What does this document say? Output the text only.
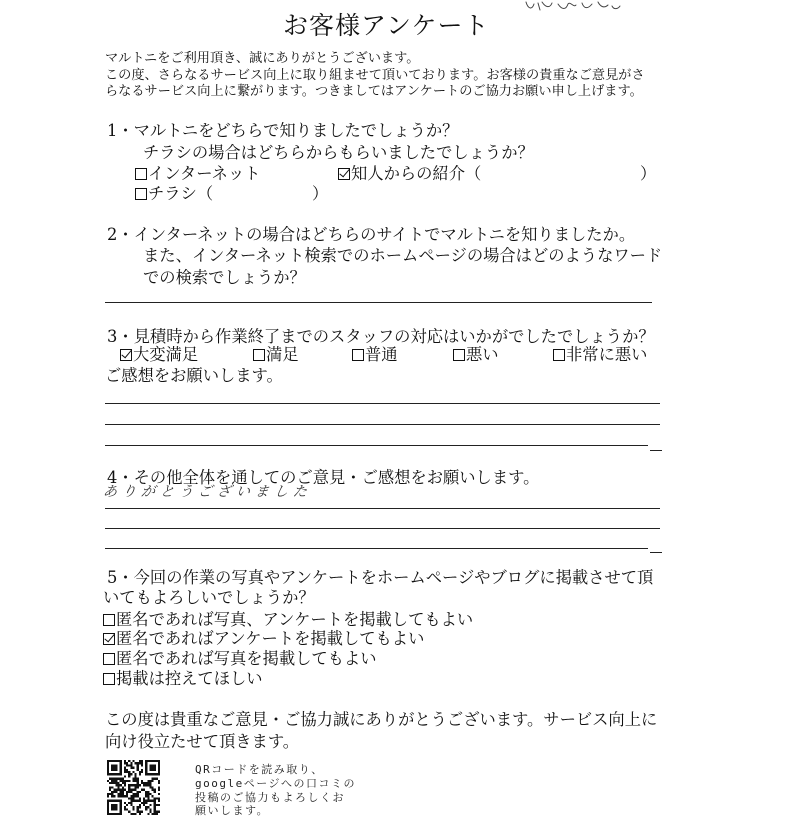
お客様アンケート
マルトニをご利用頂き、誠にありがとうございます。
この度、さらなるサービス向上に取り組ませて頂いております。お客様の貴重なご意見がさ
らなるサービス向上に繋がります。つきましてはアンケートのご協力お願い申し上げます。
1・マルトニをどちらで知りましたでしょうか？
チラシの場合はどちらからもらいましたでしょうか？
インターネット	知人からの紹介（	）
チラシ（	）
2・インターネットの場合はどちらのサイトでマルトニを知りましたか。
また、インターネット検索でのホームページの場合はどのようなワード
での検索でしょうか？
3・見積時から作業終了までのスタッフの対応はいかがでしたでしょうか？
大変満足	満足	普通	悪い	非常に悪い
ご感想をお願いします。
4・その他全体を通してのご意見・ご感想をお願いします。
ありがとうございました
5・今回の作業の写真やアンケートをホームページやブログに掲載させて頂
いてもよろしいでしょうか？
匿名であれば写真、アンケートを掲載してもよい
匿名であればアンケートを掲載してもよい
匿名であれば写真を掲載してもよい
掲載は控えてほしい
この度は貴重なご意見・ご協力誠にありがとうございます。サービス向上に
向け役立たせて頂きます。
QRコードを読み取り、
googleページへの口コミの
投稿のご協力もよろしくお
願いします。
